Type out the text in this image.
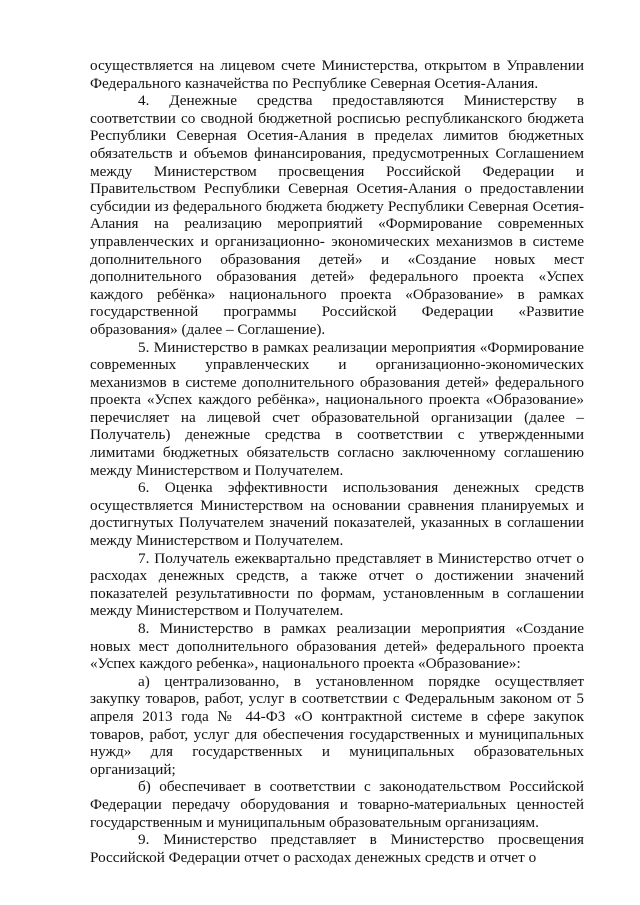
осуществляется на лицевом счете Министерства, открытом в Управлении Федерального казначейства по Республике Северная Осетия-Алания.

4. Денежные средства предоставляются Министерству в соответствии со сводной бюджетной росписью республиканского бюджета Республики Северная Осетия-Алания в пределах лимитов бюджетных обязательств и объемов финансирования, предусмотренных Соглашением между Министерством просвещения Российской Федерации и Правительством Республики Северная Осетия-Алания о предоставлении субсидии из федерального бюджета бюджету Республики Северная Осетия-Алания на реализацию мероприятий «Формирование современных управленческих и организационно- экономических механизмов в системе дополнительного образования детей» и «Создание новых мест дополнительного образования детей» федерального проекта «Успех каждого ребёнка» национального проекта «Образование» в рамках государственной программы Российской Федерации «Развитие образования» (далее – Соглашение).

5. Министерство в рамках реализации мероприятия «Формирование современных управленческих и организационно-экономических механизмов в системе дополнительного образования детей» федерального проекта «Успех каждого ребёнка», национального проекта «Образование» перечисляет на лицевой счет образовательной организации (далее – Получатель) денежные средства в соответствии с утвержденными лимитами бюджетных обязательств согласно заключенному соглашению между Министерством и Получателем.

6. Оценка эффективности использования денежных средств осуществляется Министерством на основании сравнения планируемых и достигнутых Получателем значений показателей, указанных в соглашении между Министерством и Получателем.

7. Получатель ежеквартально представляет в Министерство отчет о расходах денежных средств, а также отчет о достижении значений показателей результативности по формам, установленным в соглашении между Министерством и Получателем.

8. Министерство в рамках реализации мероприятия «Создание новых мест дополнительного образования детей» федерального проекта «Успех каждого ребенка», национального проекта «Образование»:

а) централизованно, в установленном порядке осуществляет закупку товаров, работ, услуг в соответствии с Федеральным законом от 5 апреля 2013 года № 44-ФЗ «О контрактной системе в сфере закупок товаров, работ, услуг для обеспечения государственных и муниципальных нужд» для государственных и муниципальных образовательных организаций;

б) обеспечивает в соответствии с законодательством Российской Федерации передачу оборудования и товарно-материальных ценностей государственным и муниципальным образовательным организациям.

9. Министерство представляет в Министерство просвещения Российской Федерации отчет о расходах денежных средств и отчет о
